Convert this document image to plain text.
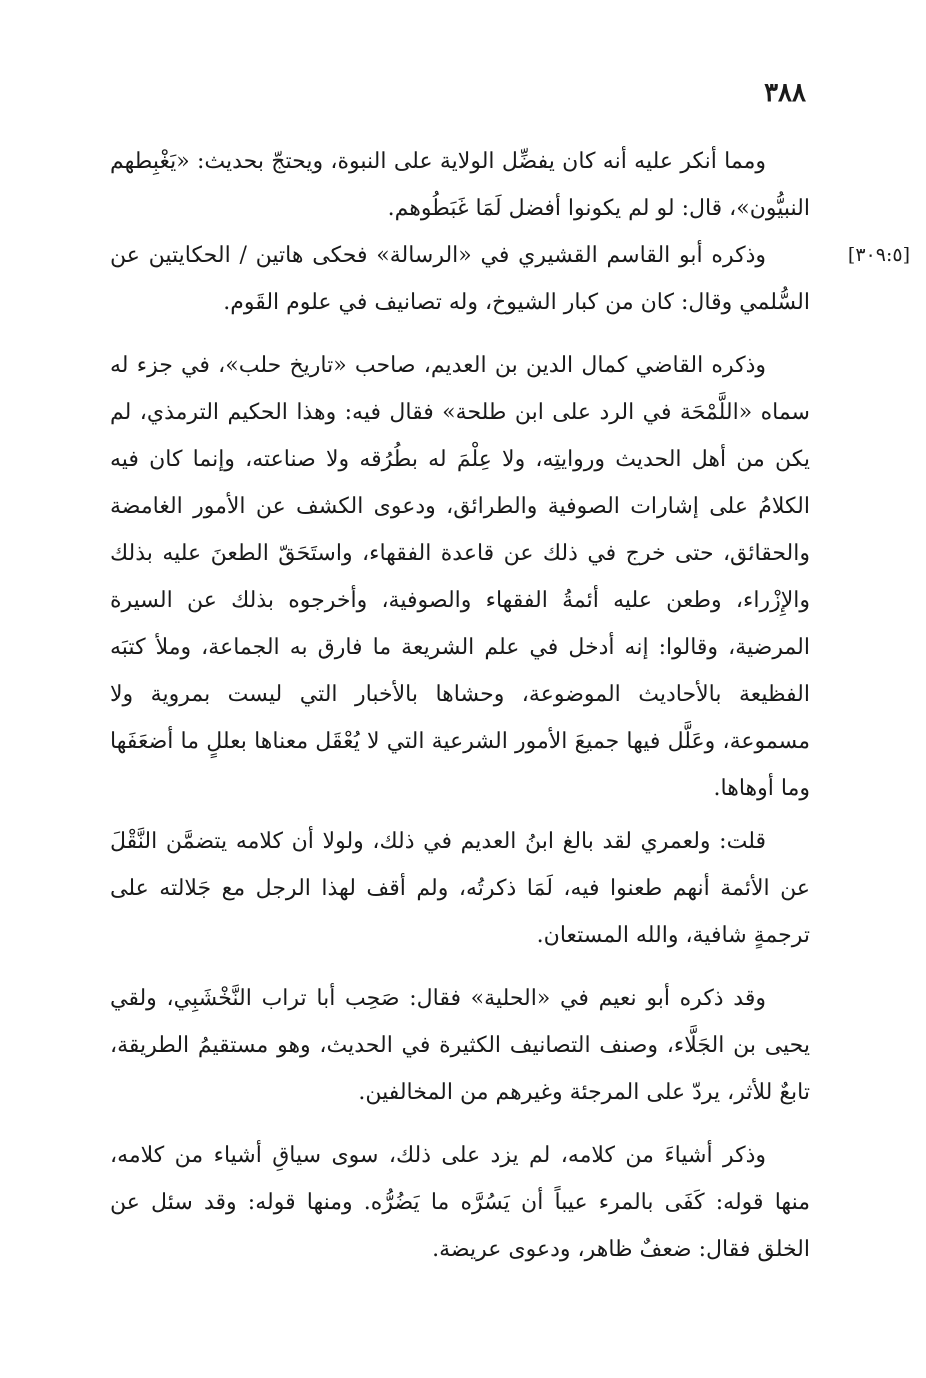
٣٨٨

ومما أنكر عليه أنه كان يفضِّل الولاية على النبوة، ويحتجّ بحديث: «يَغْبِطهم النبيُّون»، قال: لو لم يكونوا أفضل لَمَا غَبَطُوهم.

[٣٠٩:٥]
وذكره أبو القاسم القشيري في «الرسالة» فحكى هاتين / الحكايتين عن السُّلمي وقال: كان من كبار الشيوخ، وله تصانيف في علوم القَوم.

وذكره القاضي كمال الدين بن العديم، صاحب «تاريخ حلب»، في جزء له سماه «اللَّمْحَة في الرد على ابن طلحة» فقال فيه: وهذا الحكيم الترمذي، لم يكن من أهل الحديث وروايتِه، ولا عِلْمَ له بطُرُقه ولا صناعته، وإنما كان فيه الكلامُ على إشارات الصوفية والطرائق، ودعوى الكشف عن الأمور الغامضة والحقائق، حتى خرج في ذلك عن قاعدة الفقهاء، واستَحَقّ الطعنَ عليه بذلك والإِزْراء، وطعن عليه أئمةُ الفقهاء والصوفية، وأخرجوه بذلك عن السيرة المرضية، وقالوا: إنه أدخل في علم الشريعة ما فارق به الجماعة، وملأ كتبَه الفظيعة بالأحاديث الموضوعة، وحشاها بالأخبار التي ليست بمروية ولا مسموعة، وعَلَّل فيها جميعَ الأمور الشرعية التي لا يُعْقَل معناها بعللٍ ما أضعَفَها وما أوهاها.

قلت: ولعمري لقد بالغ ابنُ العديم في ذلك، ولولا أن كلامه يتضمَّن النَّقْلَ عن الأئمة أنهم طعنوا فيه، لَمَا ذكرتُه، ولم أقف لهذا الرجل مع جَلالته على ترجمةٍ شافية، والله المستعان.

وقد ذكره أبو نعيم في «الحلية» فقال: صَحِب أبا تراب النَّخْشَبِي، ولقي يحيى بن الجَلَّاء، وصنف التصانيف الكثيرة في الحديث، وهو مستقيمُ الطريقة، تابعٌ للأثر، يردّ على المرجئة وغيرهم من المخالفين.

وذكر أشياءَ من كلامه، لم يزد على ذلك، سوى سياقِ أشياء من كلامه، منها قوله: كَفَى بالمرء عيباً أن يَسُرَّه ما يَضُرُّه. ومنها قوله: وقد سئل عن الخلق فقال: ضعفٌ ظاهر، ودعوى عريضة.
